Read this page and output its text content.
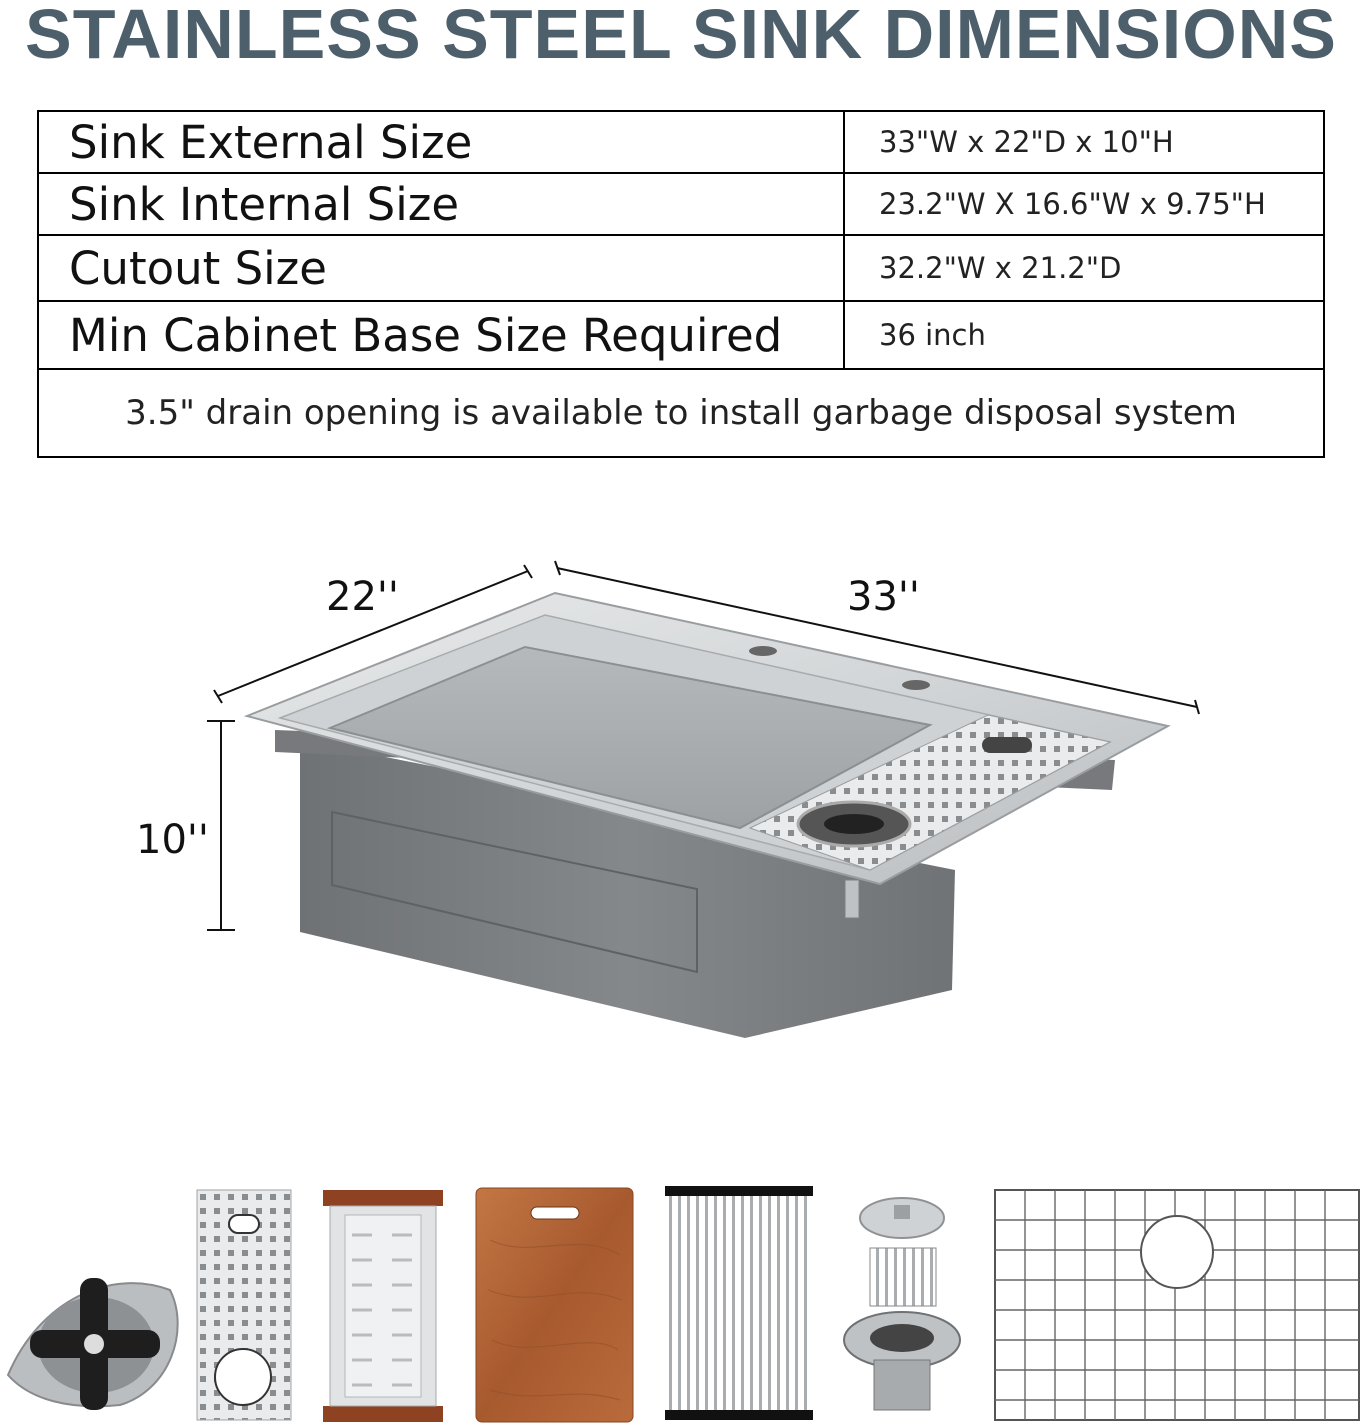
STAINLESS STEEL SINK DIMENSIONS
Sink External Size	33"W x 22"D x 10"H
Sink Internal Size	23.2"W X 16.6"W x 9.75"H
Cutout Size	32.2"W x 21.2"D
Min Cabinet Base Size Required	36 inch
3.5" drain opening is available to install garbage disposal system	
22''	33''
10''
